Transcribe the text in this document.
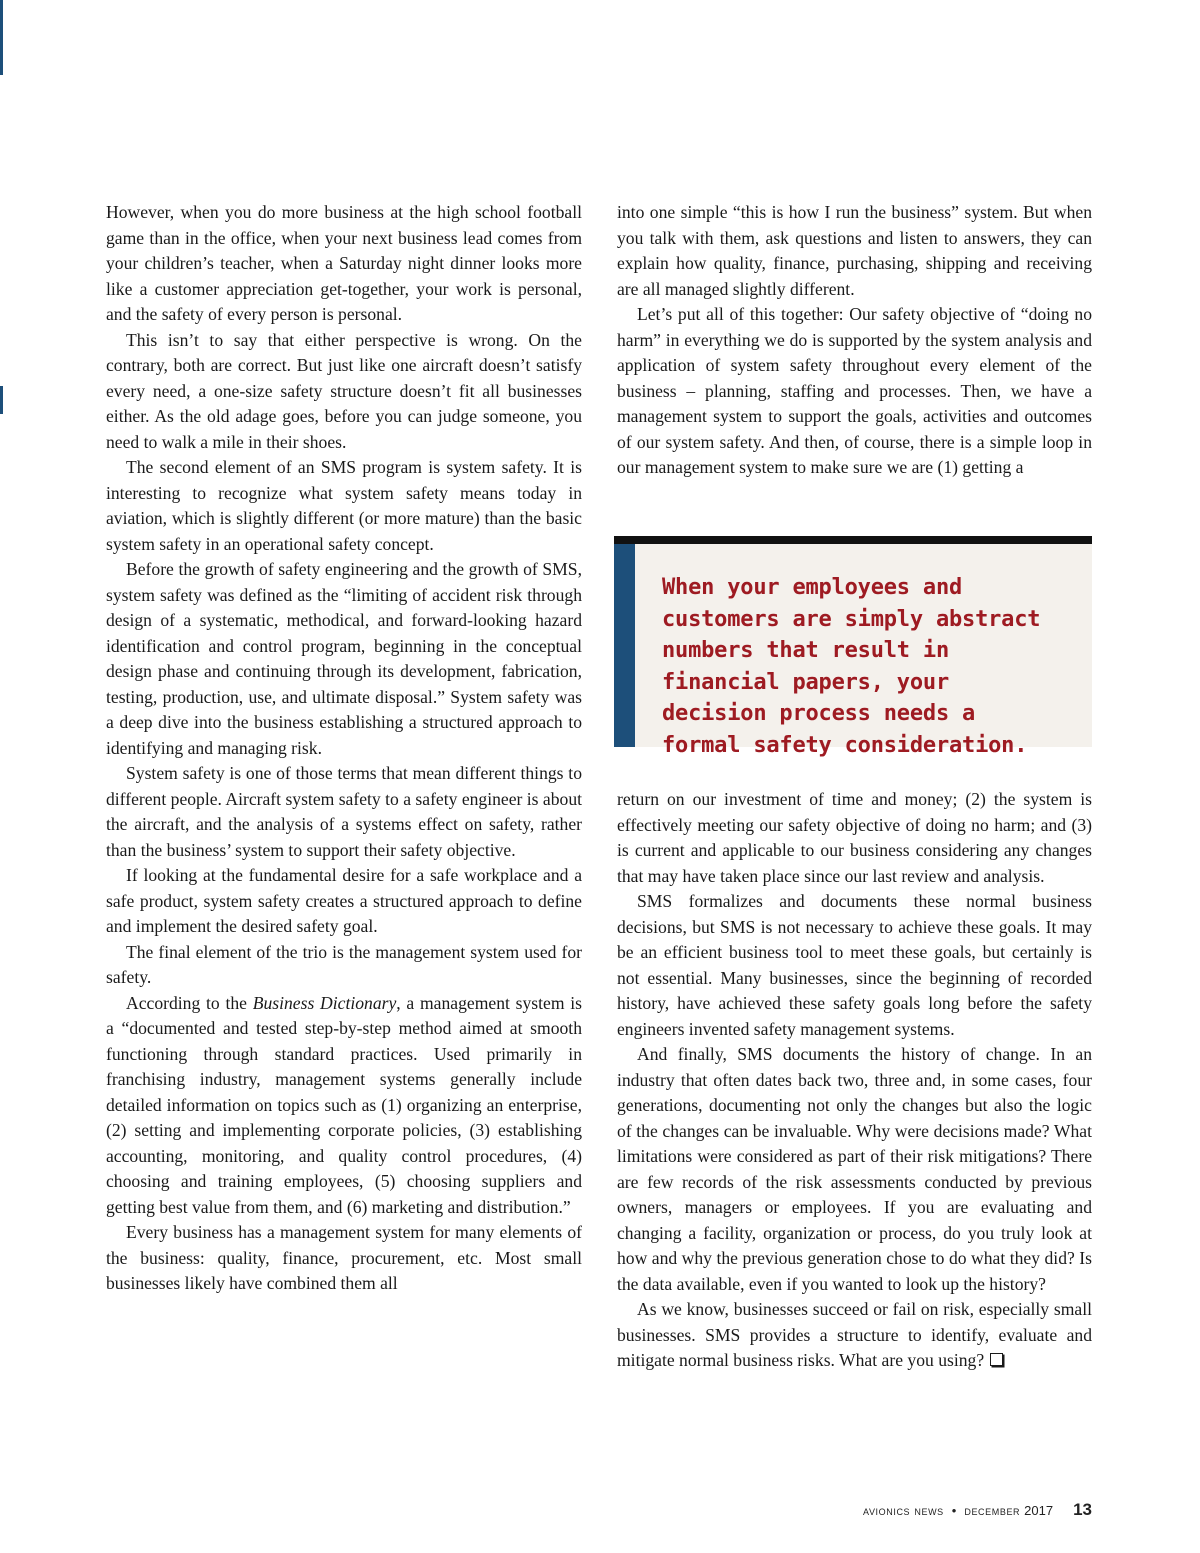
However, when you do more business at the high school football game than in the office, when your next business lead comes from your children’s teacher, when a Saturday night dinner looks more like a customer appreciation get-together, your work is personal, and the safety of every person is personal.

This isn’t to say that either perspective is wrong. On the contrary, both are correct. But just like one aircraft doesn’t satisfy every need, a one-size safety structure doesn’t fit all businesses either. As the old adage goes, before you can judge someone, you need to walk a mile in their shoes.

The second element of an SMS program is system safety. It is interesting to recognize what system safety means today in aviation, which is slightly different (or more mature) than the basic system safety in an operational safety concept.

Before the growth of safety engineering and the growth of SMS, system safety was defined as the “limiting of accident risk through design of a systematic, methodical, and forward-looking hazard identification and control program, beginning in the conceptual design phase and continuing through its development, fabrication, testing, production, use, and ultimate disposal.” System safety was a deep dive into the business establishing a structured approach to identifying and managing risk.

System safety is one of those terms that mean different things to different people. Aircraft system safety to a safety engineer is about the aircraft, and the analysis of a systems effect on safety, rather than the business’ system to support their safety objective.

If looking at the fundamental desire for a safe workplace and a safe product, system safety creates a structured approach to define and implement the desired safety goal.

The final element of the trio is the management system used for safety.

According to the Business Dictionary, a management system is a “documented and tested step-by-step method aimed at smooth functioning through standard practices. Used primarily in franchising industry, management systems generally include detailed information on topics such as (1) organizing an enterprise, (2) setting and implementing corporate policies, (3) establishing accounting, monitoring, and quality control procedures, (4) choosing and training employees, (5) choosing suppliers and getting best value from them, and (6) marketing and distribution.”

Every business has a management system for many elements of the business: quality, finance, procurement, etc. Most small businesses likely have combined them all

into one simple “this is how I run the business” system. But when you talk with them, ask questions and listen to answers, they can explain how quality, finance, purchasing, shipping and receiving are all managed slightly different.

Let’s put all of this together: Our safety objective of “doing no harm” in everything we do is supported by the system analysis and application of system safety throughout every element of the business – planning, staffing and processes. Then, we have a management system to support the goals, activities and outcomes of our system safety. And then, of course, there is a simple loop in our management system to make sure we are (1) getting a

When your employees and customers are simply abstract numbers that result in financial papers, your decision process needs a formal safety consideration.

return on our investment of time and money; (2) the system is effectively meeting our safety objective of doing no harm; and (3) is current and applicable to our business considering any changes that may have taken place since our last review and analysis.

SMS formalizes and documents these normal business decisions, but SMS is not necessary to achieve these goals. It may be an efficient business tool to meet these goals, but certainly is not essential. Many businesses, since the beginning of recorded history, have achieved these safety goals long before the safety engineers invented safety management systems.

And finally, SMS documents the history of change. In an industry that often dates back two, three and, in some cases, four generations, documenting not only the changes but also the logic of the changes can be invaluable. Why were decisions made? What limitations were considered as part of their risk mitigations? There are few records of the risk assessments conducted by previous owners, managers or employees. If you are evaluating and changing a facility, organization or process, do you truly look at how and why the previous generation chose to do what they did? Is the data available, even if you wanted to look up the history?

As we know, businesses succeed or fail on risk, especially small businesses. SMS provides a structure to identify, evaluate and mitigate normal business risks. What are you using?

avionics news • december 2017 13
